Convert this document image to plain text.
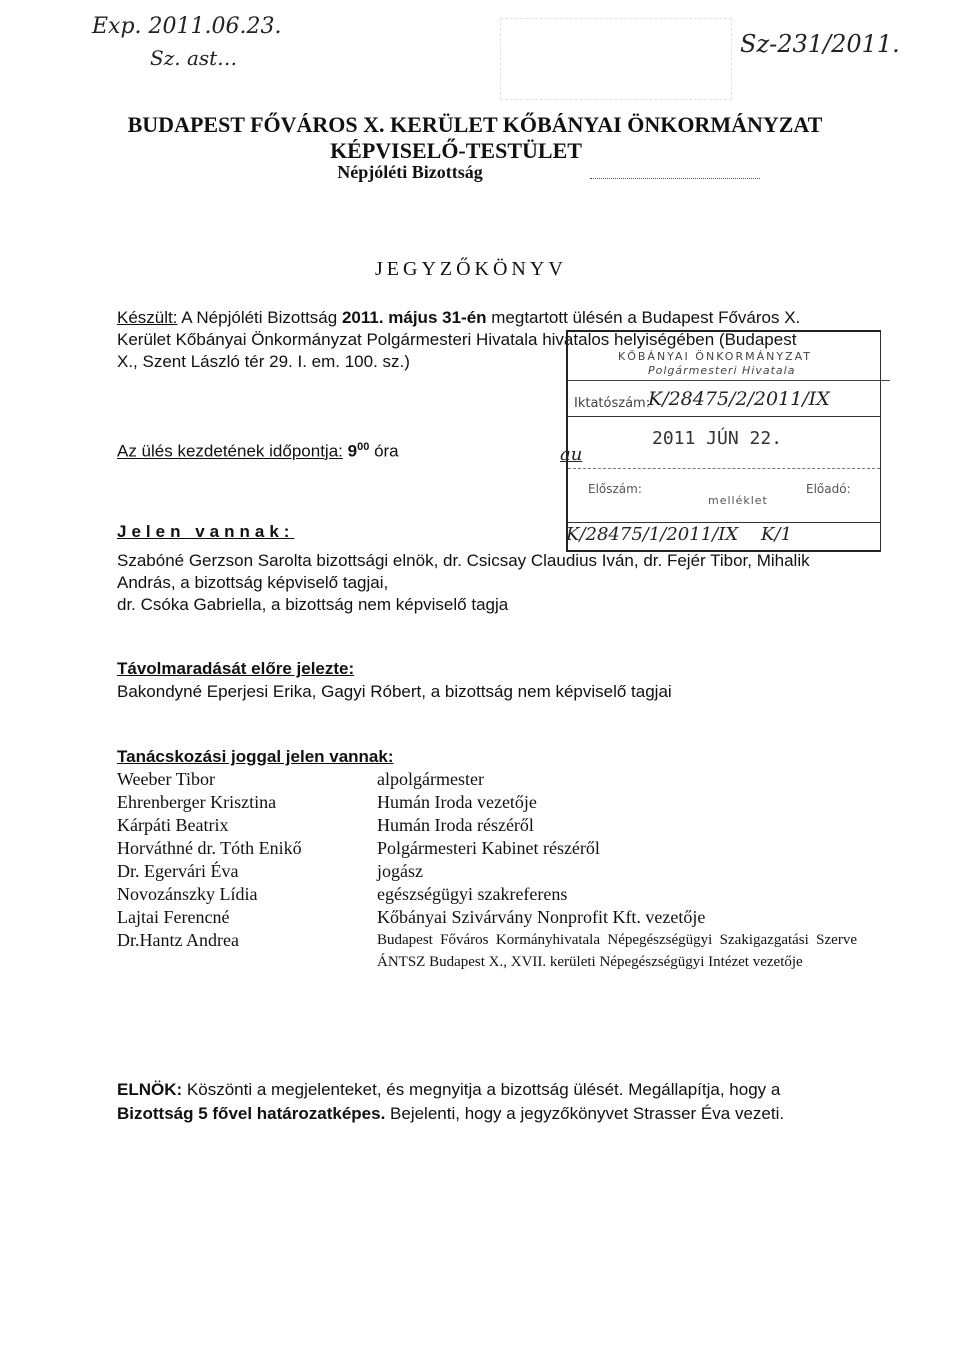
Exp. 2011.06.23.
Sz. ast…	Sz-231/2011.
BUDAPEST FŐVÁROS X. KERÜLET KŐBÁNYAI ÖNKORMÁNYZAT
KÉPVISELŐ-TESTÜLET
Népjóléti Bizottság
JEGYZŐKÖNYV
Készült: A Népjóléti Bizottság 2011. május 31-én megtartott ülésén a Budapest Főváros X.
Kerület Kőbányai Önkormányzat Polgármesteri Hivatala hivatalos helyiségében (Budapest
X., Szent László tér 29. I. em. 100. sz.)
Az ülés kezdetének időpontja: $9^{00}$ óra
KŐBÁNYAI ÖNKORMÁNYZAT
Polgármesteri Hivatala
Iktatószám:
K/28475/2/2011/IX
2011 JÚN 22.
au
Előszám:
melléklet
Előadó:
K/28475/1/2011/IX    K/1
Jelen vannak:
Szabóné Gerzson Sarolta bizottsági elnök, dr. Csicsay Claudius Iván, dr. Fejér Tibor, Mihalik
András, a bizottság képviselő tagjai,
dr. Csóka Gabriella, a bizottság nem képviselő tagja
Távolmaradását előre jelezte:
Bakondyné Eperjesi Erika, Gagyi Róbert, a bizottság nem képviselő tagjai
Tanácskozási joggal jelen vannak:
Weeber Tibor	alpolgármester
Ehrenberger Krisztina	Humán Iroda vezetője
Kárpáti Beatrix	Humán Iroda részéről
Horváthné dr. Tóth Enikő	Polgármesteri Kabinet részéről
Dr. Egervári Éva	jogász
Novozánszky Lídia	egészségügyi szakreferens
Lajtai Ferencné	Kőbányai Szivárvány Nonprofit Kft. vezetője
Dr.Hantz Andrea	Budapest Főváros Kormányhivatala Népegészségügyi Szakigazgatási Szerve ÁNTSZ Budapest X., XVII. kerületi Népegészségügyi Intézet vezetője
ELNÖK: Köszönti a megjelenteket, és megnyitja a bizottság ülését. Megállapítja, hogy a
Bizottság 5 fővel határozatképes. Bejelenti, hogy a jegyzőkönyvet Strasser Éva vezeti.
